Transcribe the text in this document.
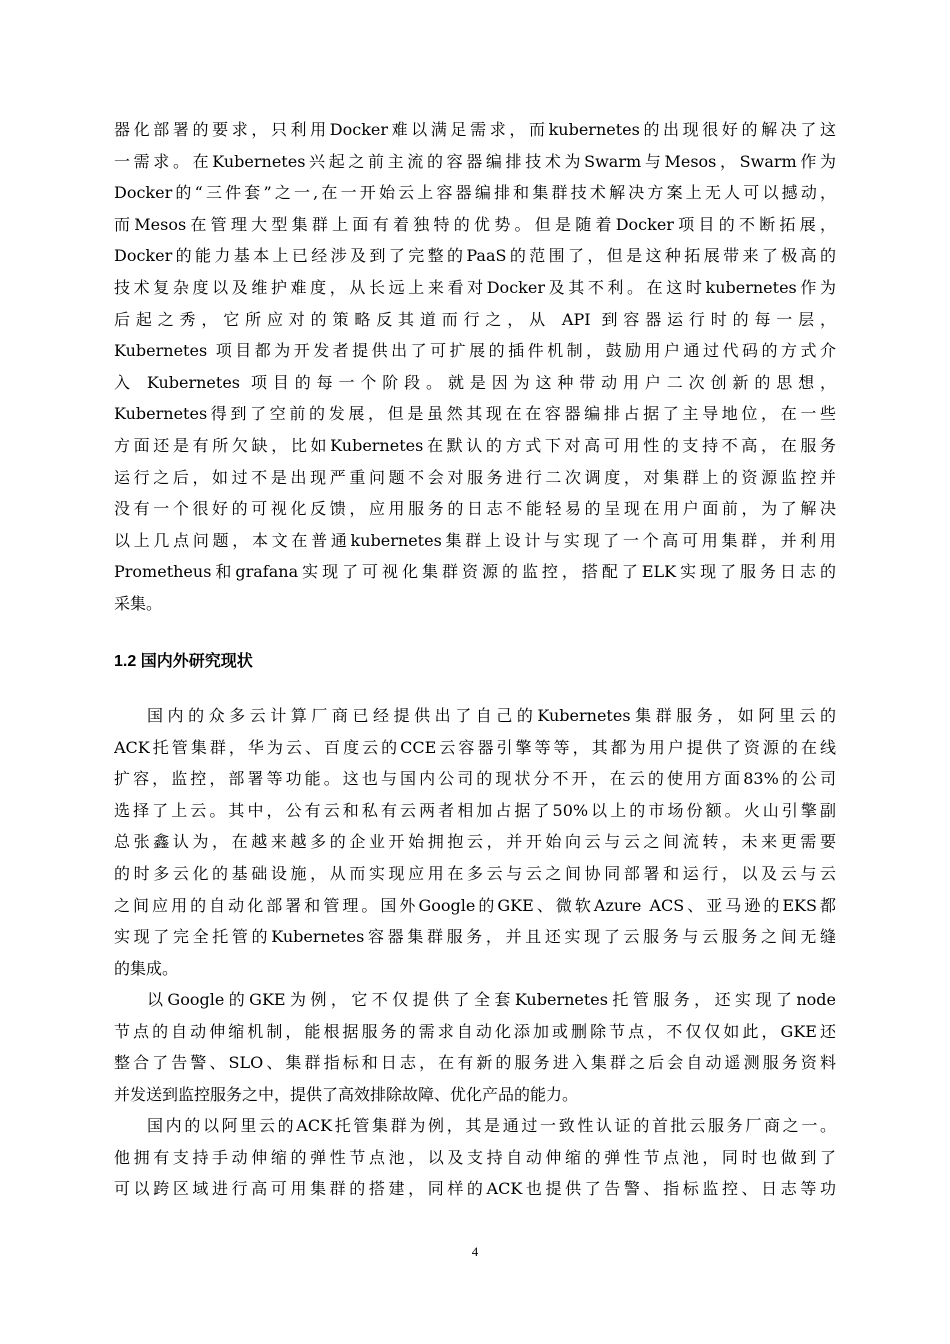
器化部署的要求，只利用Docker难以满足需求，而kubernetes的出现很好的解决了这
一需求。在Kubernetes兴起之前主流的容器编排技术为Swarm与Mesos，Swarm作为
Docker的“三件套”之一,在一开始云上容器编排和集群技术解决方案上无人可以撼动，
而Mesos在管理大型集群上面有着独特的优势。但是随着Docker项目的不断拓展，
Docker的能力基本上已经涉及到了完整的PaaS的范围了，但是这种拓展带来了极高的
技术复杂度以及维护难度，从长远上来看对Docker及其不利。在这时kubernetes作为
后起之秀，它所应对的策略反其道而行之，从 API 到容器运行时的每一层，
Kubernetes 项目都为开发者提供出了可扩展的插件机制，鼓励用户通过代码的方式介
入 Kubernetes 项目的每一个阶段。就是因为这种带动用户二次创新的思想，
Kubernetes得到了空前的发展，但是虽然其现在在容器编排占据了主导地位，在一些
方面还是有所欠缺，比如Kubernetes在默认的方式下对高可用性的支持不高，在服务
运行之后，如过不是出现严重问题不会对服务进行二次调度，对集群上的资源监控并
没有一个很好的可视化反馈，应用服务的日志不能轻易的呈现在用户面前，为了解决
以上几点问题，本文在普通kubernetes集群上设计与实现了一个高可用集群，并利用
Prometheus和grafana实现了可视化集群资源的监控，搭配了ELK实现了服务日志的
采集。
1.2 国内外研究现状
国内的众多云计算厂商已经提供出了自己的Kubernetes集群服务，如阿里云的
ACK托管集群，华为云、百度云的CCE云容器引擎等等，其都为用户提供了资源的在线
扩容，监控，部署等功能。这也与国内公司的现状分不开，在云的使用方面83%的公司
选择了上云。其中，公有云和私有云两者相加占据了50%以上的市场份额。火山引擎副
总张鑫认为，在越来越多的企业开始拥抱云，并开始向云与云之间流转，未来更需要
的时多云化的基础设施，从而实现应用在多云与云之间协同部署和运行，以及云与云
之间应用的自动化部署和管理。国外Google的GKE、微软Azure ACS、亚马逊的EKS都
实现了完全托管的Kubernetes容器集群服务，并且还实现了云服务与云服务之间无缝
的集成。
以Google的GKE为例，它不仅提供了全套Kubernetes托管服务，还实现了node
节点的自动伸缩机制，能根据服务的需求自动化添加或删除节点，不仅仅如此，GKE还
整合了告警、SLO、集群指标和日志，在有新的服务进入集群之后会自动遥测服务资料
并发送到监控服务之中，提供了高效排除故障、优化产品的能力。
国内的以阿里云的ACK托管集群为例，其是通过一致性认证的首批云服务厂商之一。
他拥有支持手动伸缩的弹性节点池，以及支持自动伸缩的弹性节点池，同时也做到了
可以跨区域进行高可用集群的搭建，同样的ACK也提供了告警、指标监控、日志等功
4
